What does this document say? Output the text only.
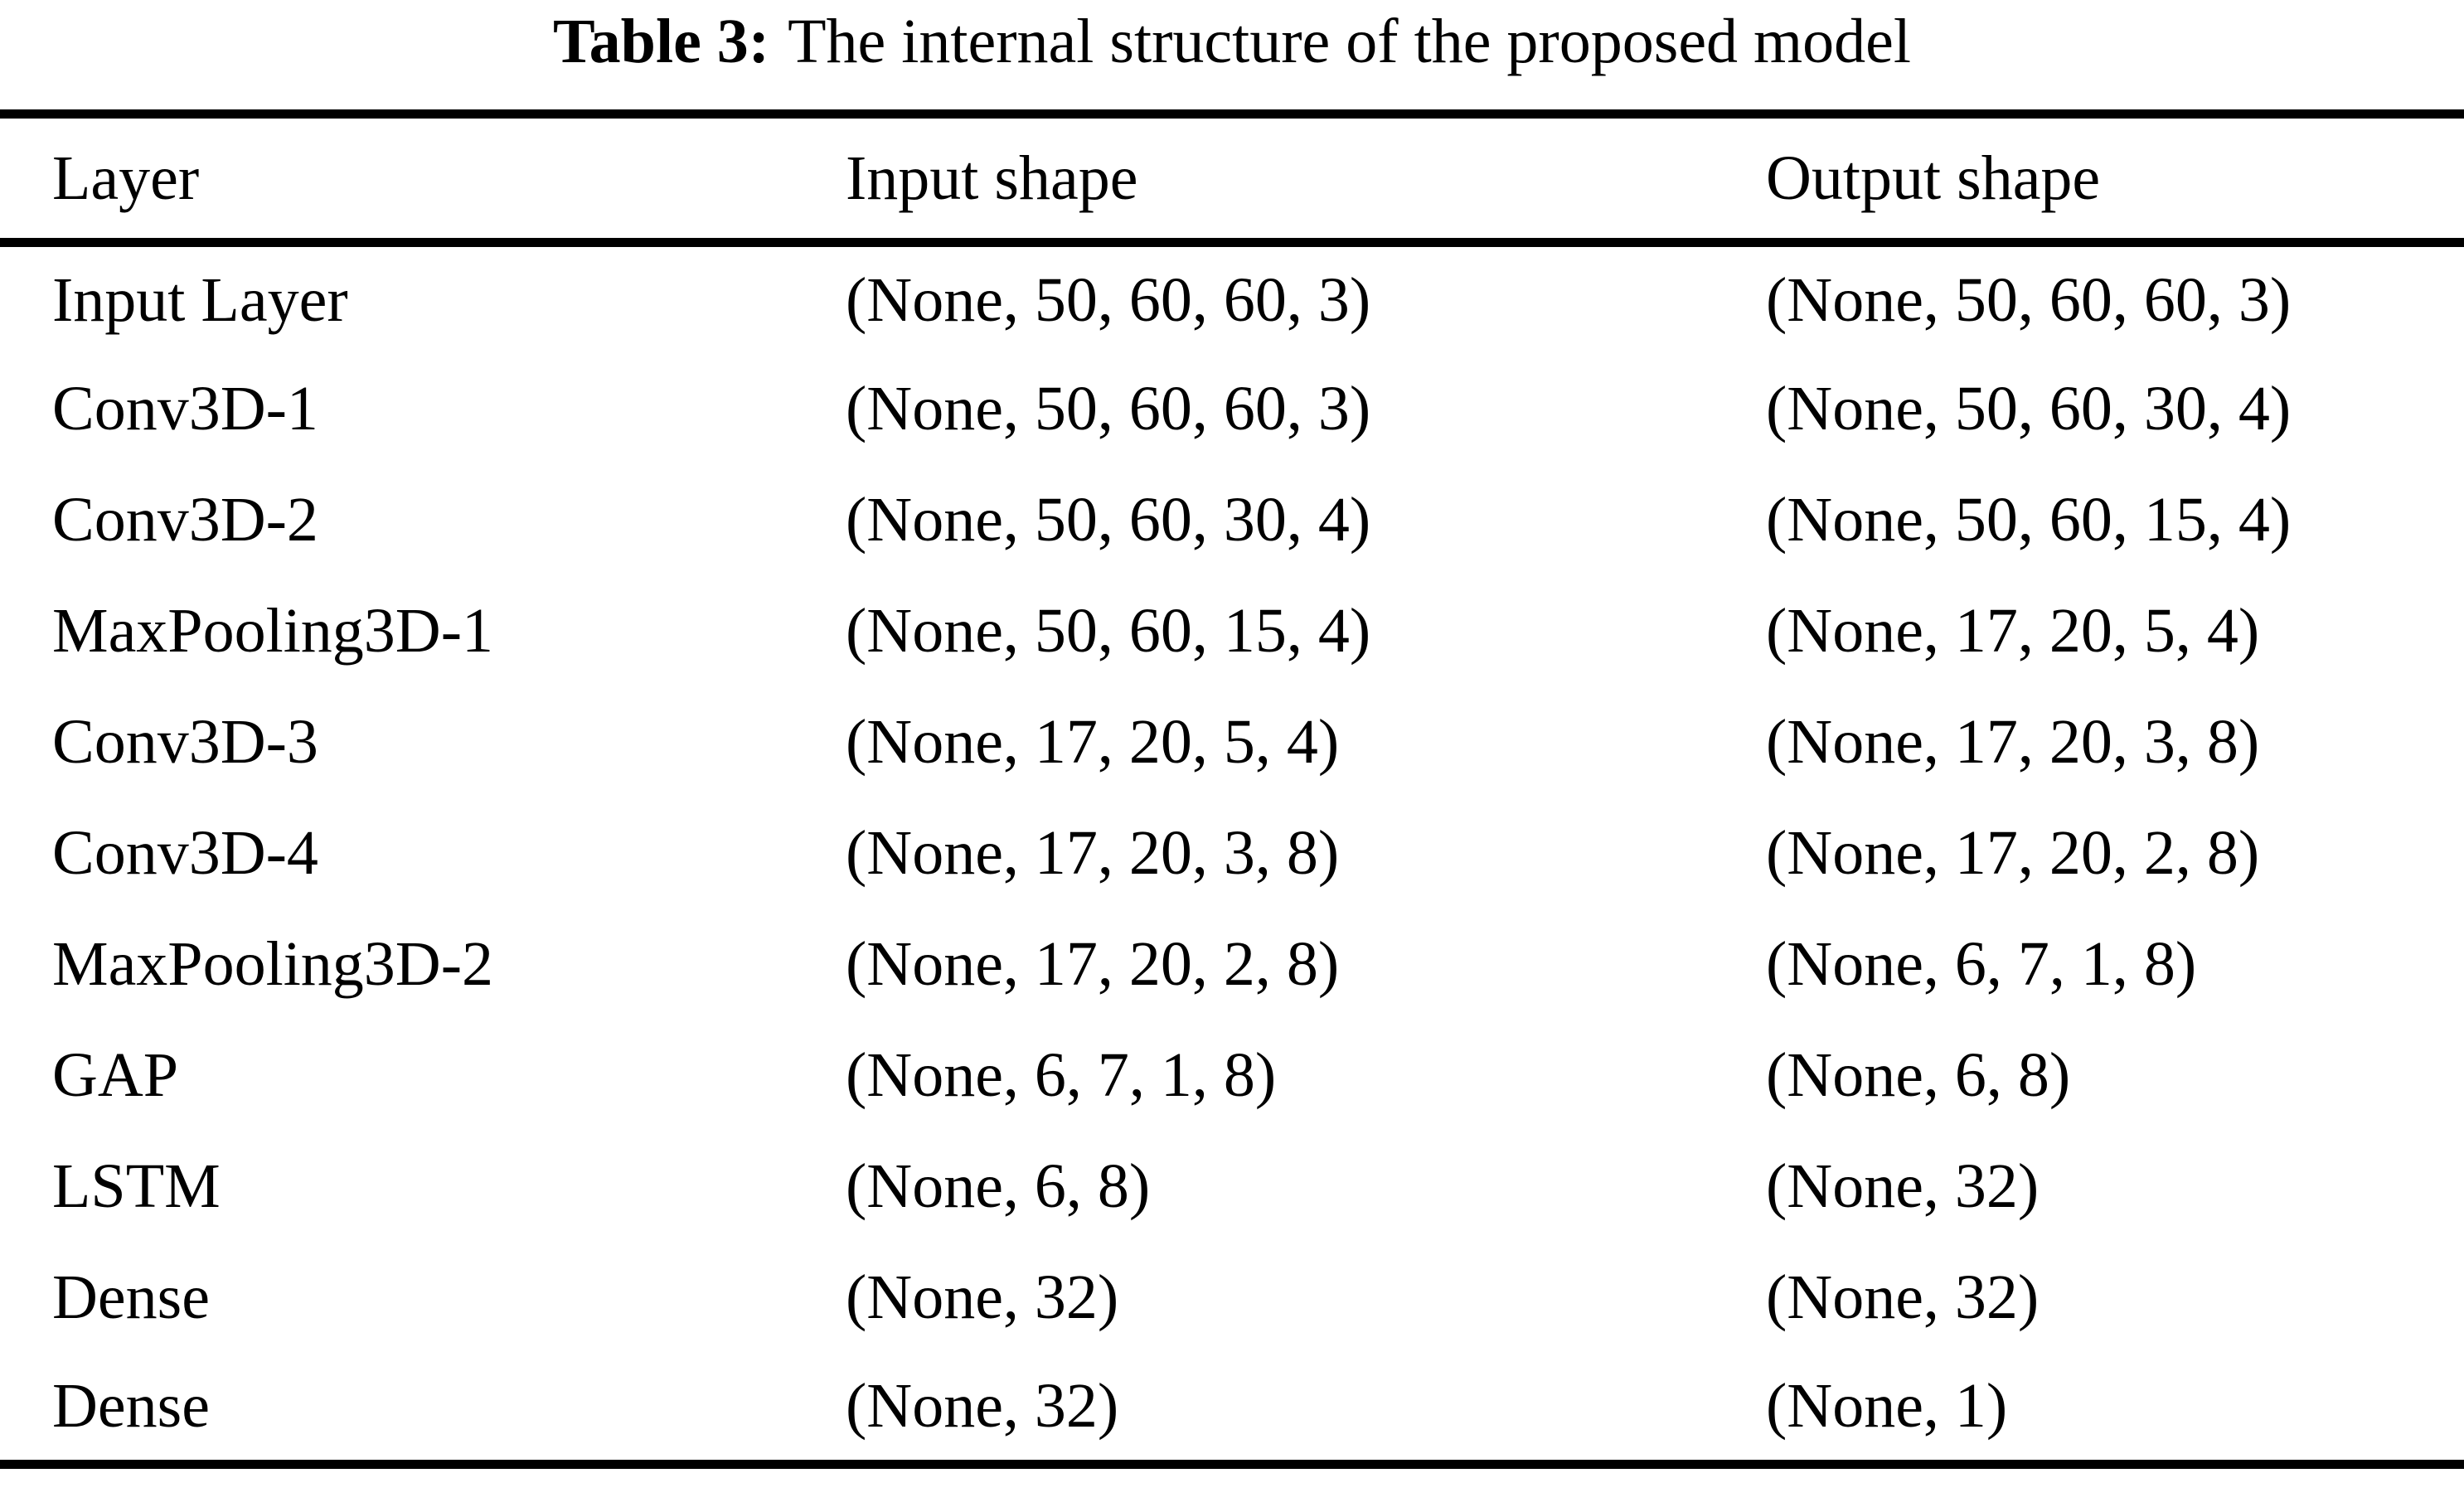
Table 3: The internal structure of the proposed model
Layer	Input shape	Output shape
Input Layer	(None, 50, 60, 60, 3)	(None, 50, 60, 60, 3)
Conv3D-1	(None, 50, 60, 60, 3)	(None, 50, 60, 30, 4)
Conv3D-2	(None, 50, 60, 30, 4)	(None, 50, 60, 15, 4)
MaxPooling3D-1	(None, 50, 60, 15, 4)	(None, 17, 20, 5, 4)
Conv3D-3	(None, 17, 20, 5, 4)	(None, 17, 20, 3, 8)
Conv3D-4	(None, 17, 20, 3, 8)	(None, 17, 20, 2, 8)
MaxPooling3D-2	(None, 17, 20, 2, 8)	(None, 6, 7, 1, 8)
GAP	(None, 6, 7, 1, 8)	(None, 6, 8)
LSTM	(None, 6, 8)	(None, 32)
Dense	(None, 32)	(None, 32)
Dense	(None, 32)	(None, 1)
